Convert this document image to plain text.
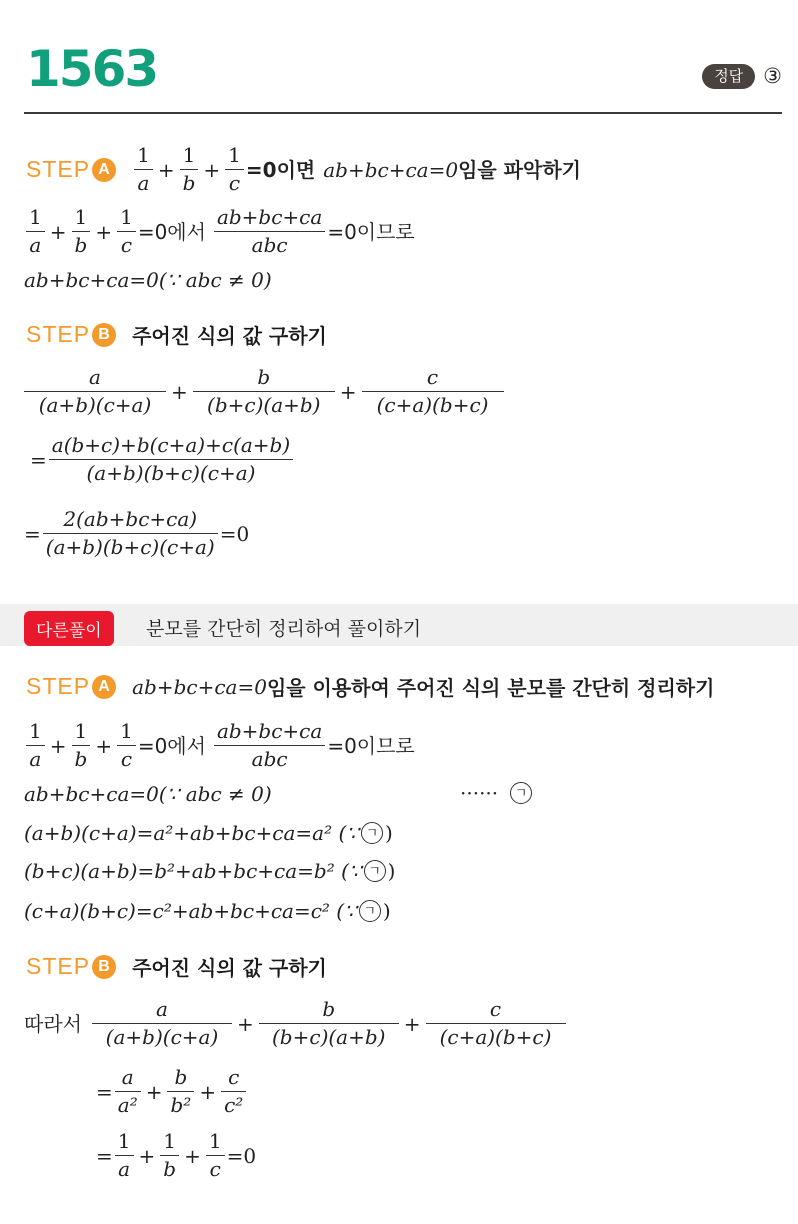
1563	정답 ③
STEP A	$\frac{1}{a} + \frac{1}{b} + \frac{1}{c} =0$이면 ab+bc+ca=0 임을 파악하기
$\frac{1}{a} + \frac{1}{b} + \frac{1}{c} =0$에서 $\frac{ab+bc+ca}{\text{abc}} =0$이므로
ab+bc+ca=0(∵ abc ≠ 0)
STEP B	주어진 식의 값 구하기
$\frac{a}{(a+b)(c+a)} + \frac{b}{(b+c)(a+b)} + \frac{c}{(c+a)(b+c)}$
= $\frac{a(b+c)+b(c+a)+c(a+b)}{(a+b)(b+c)(c+a)}$
= $\frac{2(ab+bc+ca)}{(a+b)(b+c)(c+a)} =0$
다른풀이	분모를 간단히 정리하여 풀이하기
STEP A	ab+bc+ca=0 임을 이용하여 주어진 식의 분모를 간단히 정리하기
$\frac{1}{a} + \frac{1}{b} + \frac{1}{c} =0$에서 $\frac{ab+bc+ca}{\text{abc}} =0$이므로
ab+bc+ca=0(∵ abc ≠ 0)	······	ㄱ
(a+b)(c+a)=a²+ab+bc+ca=a² (∵ ㄱ )
(b+c)(a+b)=b²+ab+bc+ca=b² (∵ ㄱ )
(c+a)(b+c)=c²+ab+bc+ca=c² (∵ ㄱ )
STEP B	주어진 식의 값 구하기
따라서 $\frac{a}{(a+b)(c+a)} + \frac{b}{(b+c)(a+b)} + \frac{c}{(c+a)(b+c)}$
= $\frac{a}{\text{a²}} + \frac{b}{\text{b²}} + \frac{c}{\text{c²}}$
= $\frac{1}{a} + \frac{1}{b} + \frac{1}{c} =0$
